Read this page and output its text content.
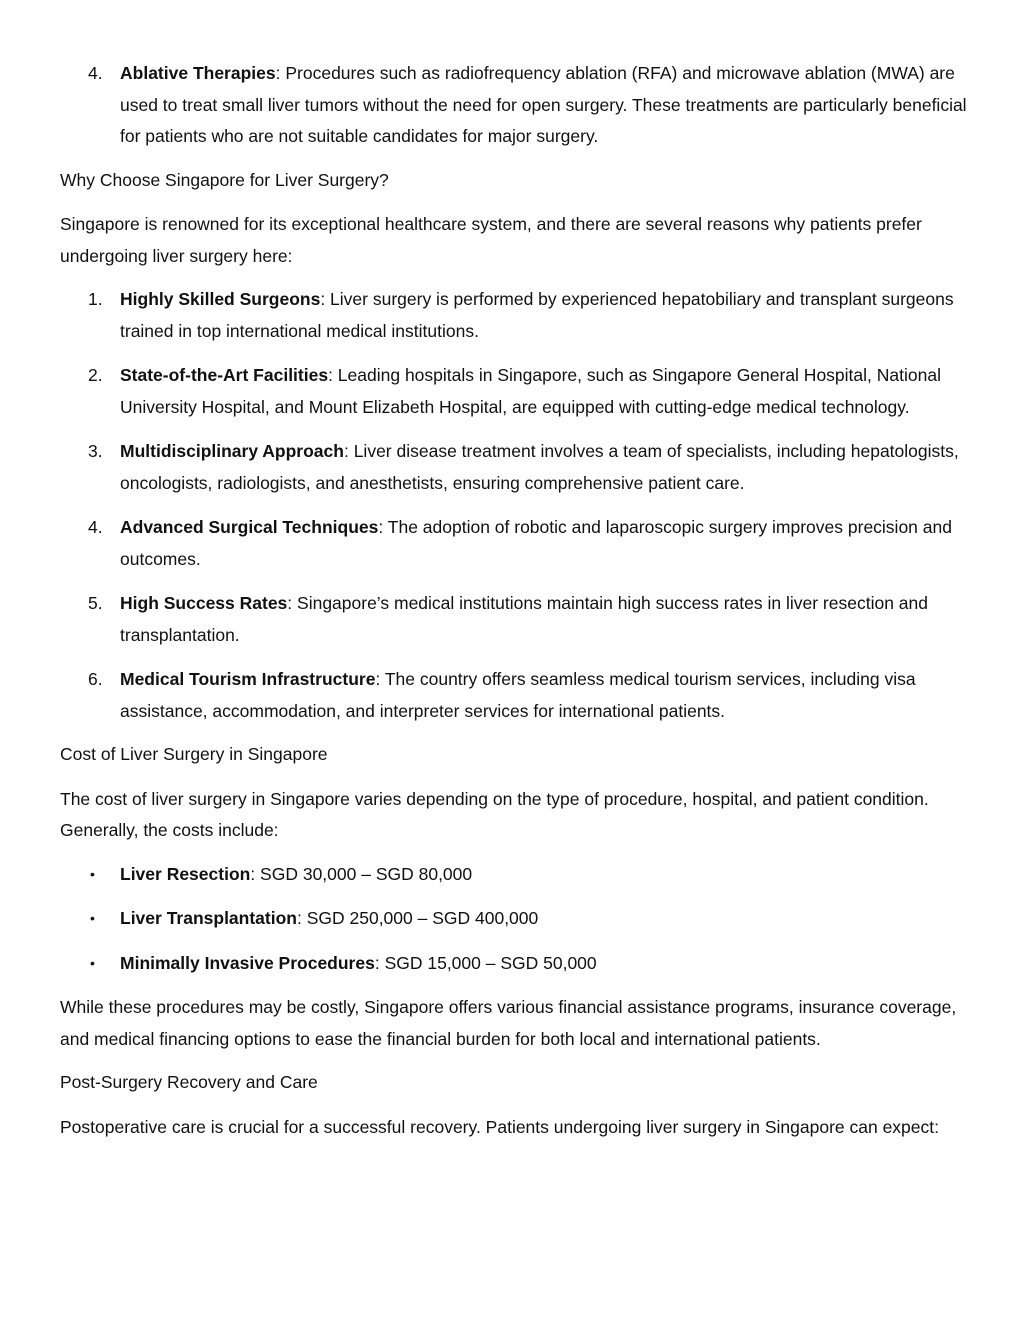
4. Ablative Therapies: Procedures such as radiofrequency ablation (RFA) and microwave ablation (MWA) are used to treat small liver tumors without the need for open surgery. These treatments are particularly beneficial for patients who are not suitable candidates for major surgery.

Why Choose Singapore for Liver Surgery?

Singapore is renowned for its exceptional healthcare system, and there are several reasons why patients prefer undergoing liver surgery here:

1. Highly Skilled Surgeons: Liver surgery is performed by experienced hepatobiliary and transplant surgeons trained in top international medical institutions.
2. State-of-the-Art Facilities: Leading hospitals in Singapore, such as Singapore General Hospital, National University Hospital, and Mount Elizabeth Hospital, are equipped with cutting-edge medical technology.
3. Multidisciplinary Approach: Liver disease treatment involves a team of specialists, including hepatologists, oncologists, radiologists, and anesthetists, ensuring comprehensive patient care.
4. Advanced Surgical Techniques: The adoption of robotic and laparoscopic surgery improves precision and outcomes.
5. High Success Rates: Singapore’s medical institutions maintain high success rates in liver resection and transplantation.
6. Medical Tourism Infrastructure: The country offers seamless medical tourism services, including visa assistance, accommodation, and interpreter services for international patients.

Cost of Liver Surgery in Singapore

The cost of liver surgery in Singapore varies depending on the type of procedure, hospital, and patient condition. Generally, the costs include:

• Liver Resection: SGD 30,000 – SGD 80,000
• Liver Transplantation: SGD 250,000 – SGD 400,000
• Minimally Invasive Procedures: SGD 15,000 – SGD 50,000

While these procedures may be costly, Singapore offers various financial assistance programs, insurance coverage, and medical financing options to ease the financial burden for both local and international patients.

Post-Surgery Recovery and Care

Postoperative care is crucial for a successful recovery. Patients undergoing liver surgery in Singapore can expect:
